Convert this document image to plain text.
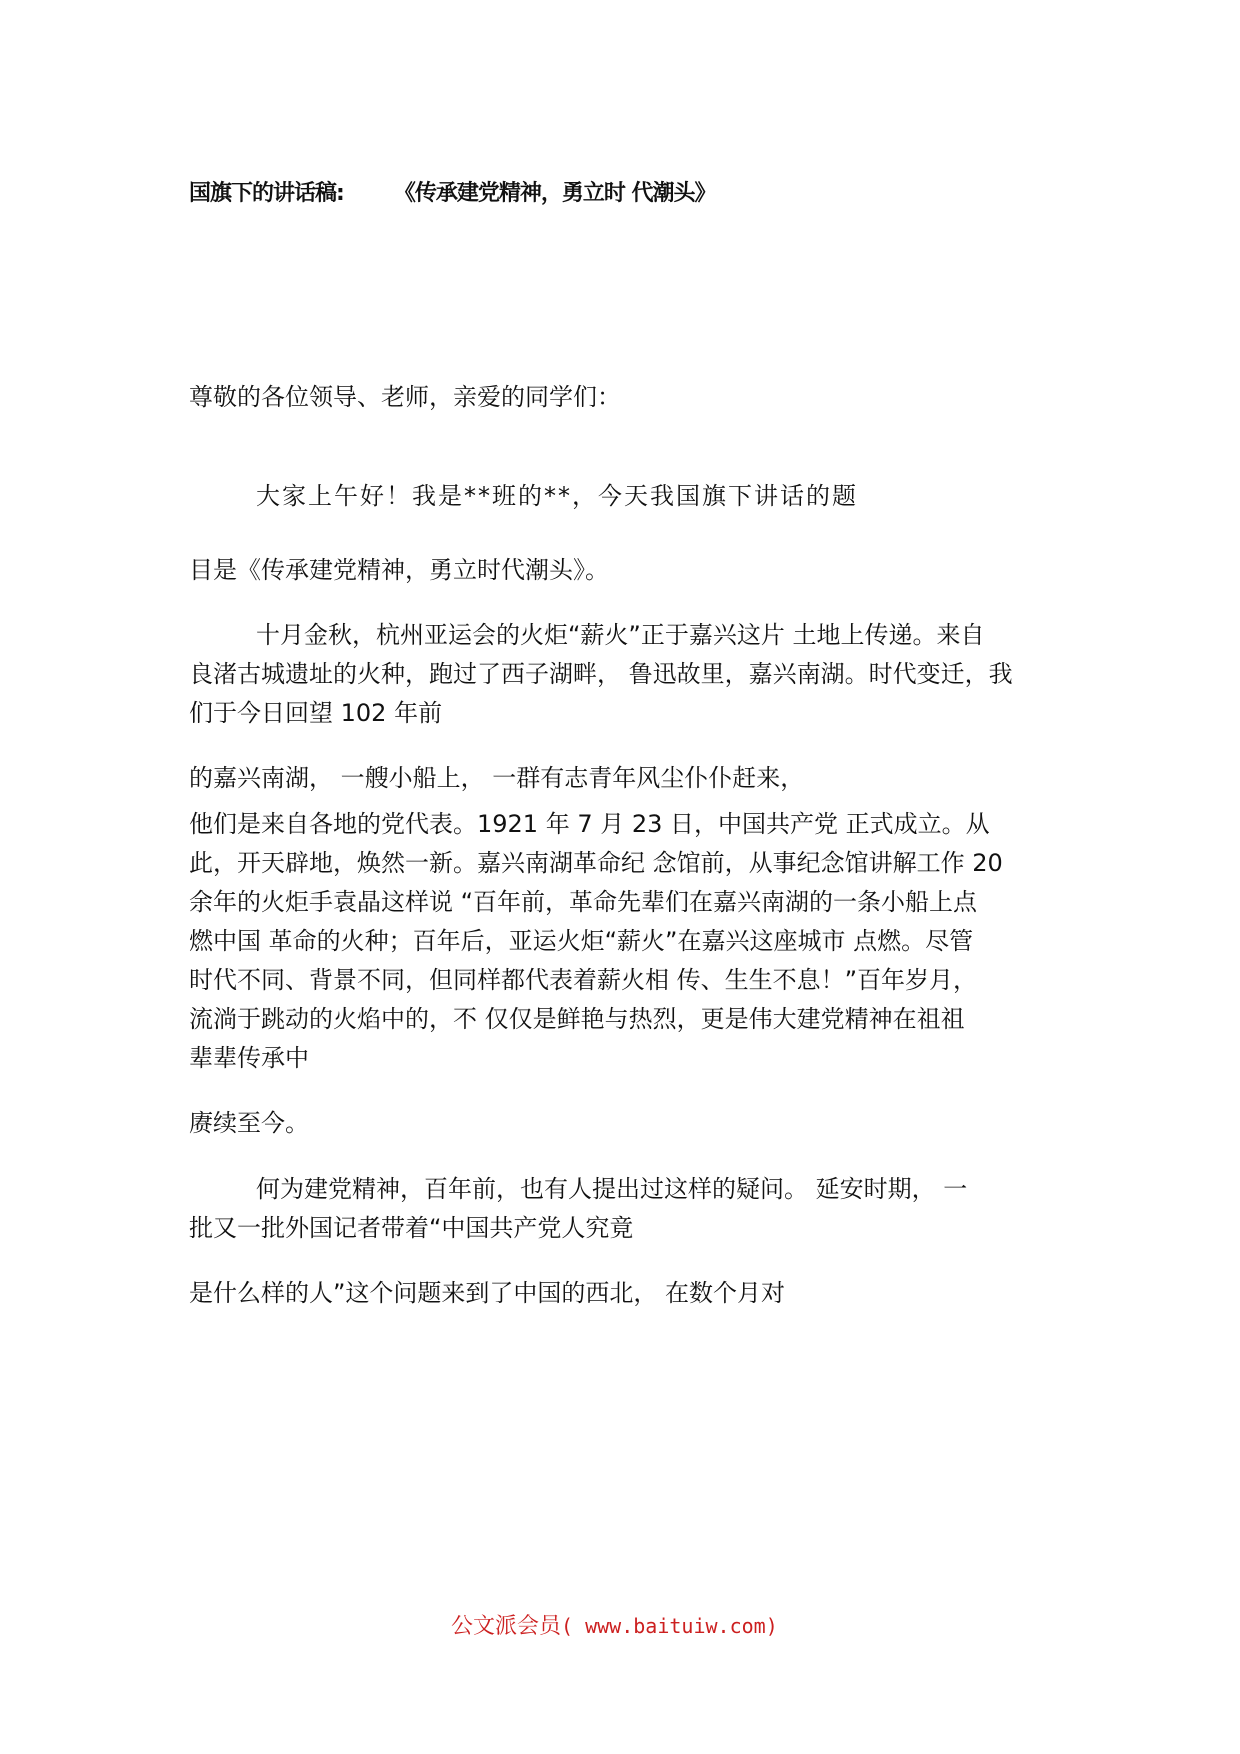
国旗下的讲话稿: 《传承建党精神，勇立时 代潮头》
尊敬的各位领导、老师，亲爱的同学们：
大家上午好！我是**班的**，今天我国旗下讲话的题
目是《传承建党精神，勇立时代潮头》。
十月金秋，杭州亚运会的火炬“薪火”正于嘉兴这片 土地上传递。来自
良渚古城遗址的火种，跑过了西子湖畔， 鲁迅故里，嘉兴南湖。时代变迁，我
们于今日回望 102 年前
的嘉兴南湖， 一艘小船上， 一群有志青年风尘仆仆赶来，
他们是来自各地的党代表。1921 年 7 月 23 日，中国共产党 正式成立。从
此，开天辟地，焕然一新。嘉兴南湖革命纪 念馆前，从事纪念馆讲解工作 20
余年的火炬手袁晶这样说 “百年前，革命先辈们在嘉兴南湖的一条小船上点
燃中国 革命的火种；百年后，亚运火炬“薪火”在嘉兴这座城市 点燃。尽管
时代不同、背景不同，但同样都代表着薪火相 传、生生不息！”百年岁月，
流淌于跳动的火焰中的，不 仅仅是鲜艳与热烈，更是伟大建党精神在祖祖
辈辈传承中
赓续至今。
何为建党精神，百年前，也有人提出过这样的疑问。 延安时期， 一
批又一批外国记者带着“中国共产党人究竟
是什么样的人”这个问题来到了中国的西北， 在数个月对
公文派会员( www.baituiw.com)
